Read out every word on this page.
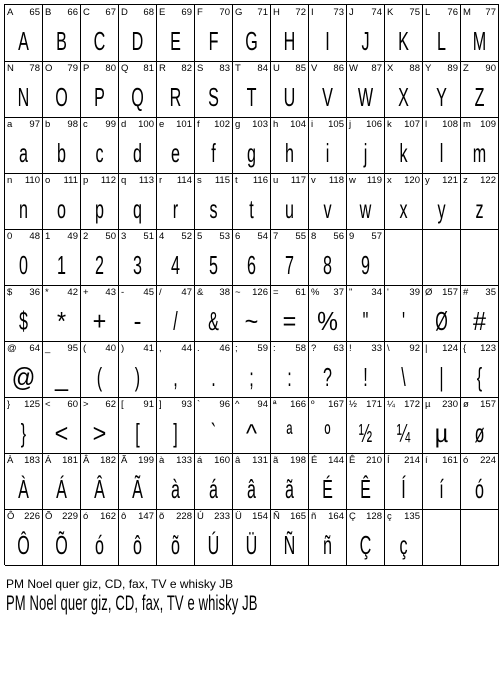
A 65
A
B 66
B
C 67
C
D 68
D
E 69
E
F 70
F
G 71
G
H 72
H
I 73
I
J 74
J
K 75
K
L 76
L
M 77
M
N 78
N
O 79
O
P 80
P
Q 81
Q
R 82
R
S 83
S
T 84
T
U 85
U
V 86
V
W 87
W
X 88
X
Y 89
Y
Z 90
Z
a 97
a
b 98
b
c 99
c
d 100
d
e 101
e
f 102
f
g 103
g
h 104
h
i 105
i
j 106
j
k 107
k
l 108
l
m 109
m
n 110
n
o 111
o
p 112
p
q 113
q
r 114
r
s 115
s
t 116
t
u 117
u
v 118
v
w 119
w
x 120
x
y 121
y
z 122
z
0 48
0
1 49
1
2 50
2
3 51
3
4 52
4
5 53
5
6 54
6
7 55
7
8 56
8
9 57
9
$ 36
$
* 42
*
+ 43
+
- 45
-
/ 47
/
& 38
&
~ 126
~
= 61
=
% 37
%
" 34
"
' 39
'
Ø 157
Ø
# 35
#
@ 64
@
_ 95
_
( 40
(
) 41
)
, 44
,
. 46
.
; 59
;
: 58
:
? 63
?
! 33
!
\ 92
\
| 124
|
{ 123
{
} 125
}
< 60
<
> 62
>
[ 91
[
] 93
]
` 96
`
^ 94
^
ª 166
ª
º 167
º
½ 171
½
¼ 172
¼
µ 230
µ
ø 157
ø
À 183
À
Á 181
Á
Â 182
Â
Ã 199
Ã
à 133
à
á 160
á
â 131
â
ã 198
ã
É 144
É
Ê 210
Ê
Í 214
Í
í 161
í
ó 224
ó
Ô 226
Ô
Õ 229
Õ
ó 162
ó
ô 147
ô
õ 228
õ
Ú 233
Ú
Ü 154
Ü
Ñ 165
Ñ
ñ 164
ñ
Ç 128
Ç
ç 135
ç
PM Noel quer giz, CD, fax, TV e whisky JB
PM Noel quer giz, CD, fax, TV e whisky JB
